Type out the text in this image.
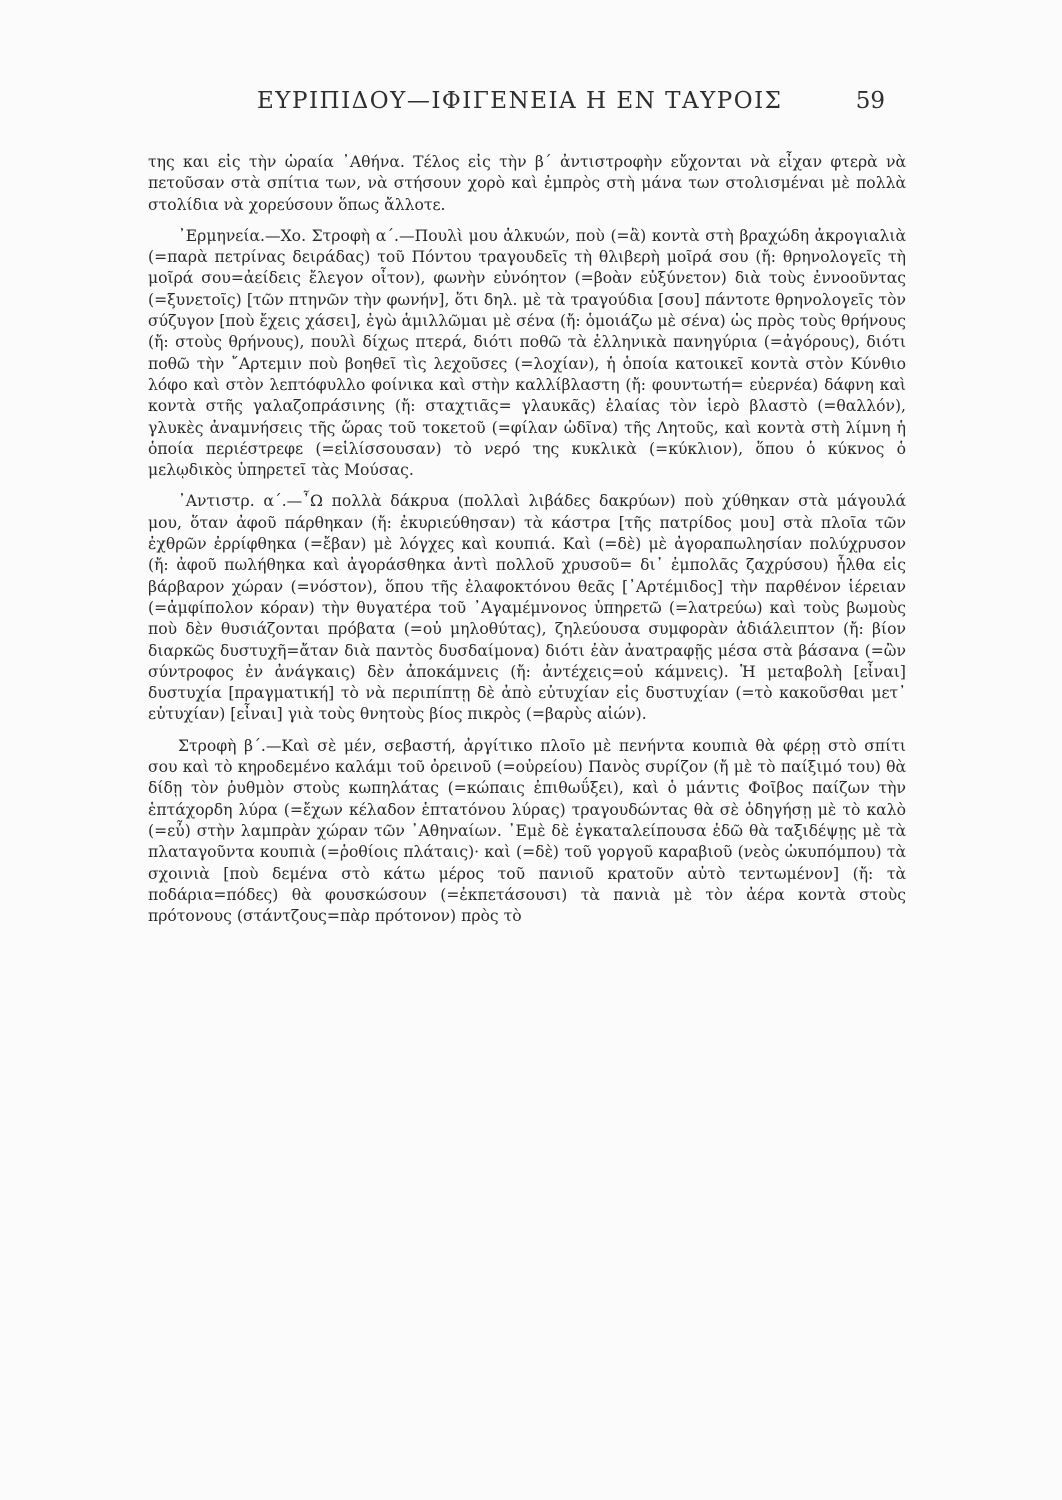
ΕΥΡΙΠΙΔΟΥ—ΙΦΙΓΕΝΕΙΑ Η ΕΝ ΤΑΥΡΟΙΣ	59

της και εἰς τὴν ὡραία ᾽Αθήνα. Τέλος εἰς τὴν β΄ ἀντιστροφὴν εὔχονται νὰ εἶχαν φτερὰ νὰ πετοῦσαν στὰ σπίτια των, νὰ στήσουν χορὸ καὶ ἐμπρὸς στὴ μάνα των στολισμέναι μὲ πολλὰ στολίδια νὰ χορεύσουν ὅπως ἄλλοτε.

᾽Ερμηνεία.—Χο. Στροφὴ α΄.—Πουλὶ μου ἀλκυών, ποὺ (=ἃ) κοντὰ στὴ βραχώδη ἀκρογιαλιὰ (=παρὰ πετρίνας δειράδας) τοῦ Πόντου τραγουδεῖς τὴ θλιβερὴ μοῖρά σου (ἤ: θρηνολογεῖς τὴ μοῖρά σου=ἀείδεις ἔλεγον οἶτον), φωνὴν εὐνόητον (=βοὰν εὐξύνετον) διὰ τοὺς ἐννοοῦντας (=ξυνετοῖς) [τῶν πτηνῶν τὴν φωνήν], ὅτι δηλ. μὲ τὰ τραγούδια [σου] πάντοτε θρηνολογεῖς τὸν σύζυγον [ποὺ ἔχεις χάσει], ἐγὼ ἁμιλλῶμαι μὲ σένα (ἤ: ὁμοιάζω μὲ σένα) ὡς πρὸς τοὺς θρήνους (ἤ: στοὺς θρήνους), πουλὶ δίχως πτερά, διότι ποθῶ τὰ ἑλληνικὰ πανηγύρια (=ἀγόρους), διότι ποθῶ τὴν ῎Αρτεμιν ποὺ βοηθεῖ τὶς λεχοῦσες (=λοχίαν), ἡ ὁποία κατοικεῖ κοντὰ στὸν Κύνθιο λόφο καὶ στὸν λεπτόφυλλο φοίνικα καὶ στὴν καλλίβλαστη (ἤ: φουντωτή= εὐερνέα) δάφνη καὶ κοντὰ στῆς γαλαζοπράσινης (ἤ: σταχτιᾶς= γλαυκᾶς) ἐλαίας τὸν ἱερὸ βλαστὸ (=θαλλόν), γλυκὲς ἀναμνήσεις τῆς ὥρας τοῦ τοκετοῦ (=φίλαν ὠδῖνα) τῆς Λητοῦς, καὶ κοντὰ στὴ λίμνη ἡ ὁποία περιέστρεφε (=εἱλίσσουσαν) τὸ νερό της κυκλικὰ (=κύκλιον), ὅπου ὁ κύκνος ὁ μελῳδικὸς ὑπηρετεῖ τὰς Μούσας.

᾽Αντιστρ. α΄.—῏Ω πολλὰ δάκρυα (πολλαὶ λιβάδες δακρύων) ποὺ χύθηκαν στὰ μάγουλά μου, ὅταν ἀφοῦ πάρθηκαν (ἤ: ἐκυριεύθησαν) τὰ κάστρα [τῆς πατρίδος μου] στὰ πλοῖα τῶν ἐχθρῶν ἐρρίφθηκα (=ἔβαν) μὲ λόγχες καὶ κουπιά. Καὶ (=δὲ) μὲ ἀγοραπωλησίαν πολύχρυσον (ἤ: ἀφοῦ πωλήθηκα καὶ ἀγοράσθηκα ἀντὶ πολλοῦ χρυσοῦ= δι᾽ ἐμπολᾶς ζαχρύσου) ἦλθα εἰς βάρβαρον χώραν (=νόστον), ὅπου τῆς ἐλαφοκτόνου θεᾶς [᾽Αρτέμιδος] τὴν παρθένον ἱέρειαν (=ἀμφίπολον κόραν) τὴν θυγατέρα τοῦ ᾽Αγαμέμνονος ὑπηρετῶ (=λατρεύω) καὶ τοὺς βωμοὺς ποὺ δὲν θυσιάζονται πρόβατα (=οὐ μηλοθύτας), ζηλεύουσα συμφορὰν ἀδιάλειπτον (ἤ: βίον διαρκῶς δυστυχῆ=ἄταν διὰ παντὸς δυσδαίμονα) διότι ἐὰν ἀνατραφῇς μέσα στὰ βάσανα (=ὢν σύντροφος ἐν ἀνάγκαις) δὲν ἀποκάμνεις (ἤ: ἀντέχεις=οὐ κάμνεις). Ἡ μεταβολὴ [εἶναι] δυστυχία [πραγματική] τὸ νὰ περιπίπτῃ δὲ ἀπὸ εὐτυχίαν εἰς δυστυχίαν (=τὸ κακοῦσθαι μετ᾽ εὐτυχίαν) [εἶναι] γιὰ τοὺς θνητοὺς βίος πικρὸς (=βαρὺς αἰών).

Στροφὴ β΄.—Καὶ σὲ μέν, σεβαστή, ἀργίτικο πλοῖο μὲ πενήντα κουπιὰ θὰ φέρῃ στὸ σπίτι σου καὶ τὸ κηροδεμένο καλάμι τοῦ ὀρεινοῦ (=οὐρείου) Πανὸς συρίζον (ἤ μὲ τὸ παίξιμό του) θὰ δίδῃ τὸν ῥυθμὸν στοὺς κωπηλάτας (=κώπαις ἐπιθωΰξει), καὶ ὁ μάντις Φοῖβος παίζων τὴν ἑπτάχορδη λύρα (=ἔχων κέλαδον ἑπτατόνου λύρας) τραγουδώντας θὰ σὲ ὁδηγήσῃ μὲ τὸ καλὸ (=εὖ) στὴν λαμπρὰν χώραν τῶν ᾽Αθηναίων. ᾽Εμὲ δὲ ἐγκαταλείπουσα ἐδῶ θὰ ταξιδέψῃς μὲ τὰ πλαταγοῦντα κουπιὰ (=ῥοθίοις πλάταις)· καὶ (=δὲ) τοῦ γοργοῦ καραβιοῦ (νεὸς ὠκυπόμπου) τὰ σχοινιὰ [ποὺ δεμένα στὸ κάτω μέρος τοῦ πανιοῦ κρατοῦν αὐτὸ τεντωμένον] (ἤ: τὰ ποδάρια=πόδες) θὰ φουσκώσουν (=ἐκπετάσουσι) τὰ πανιὰ μὲ τὸν ἀέρα κοντὰ στοὺς πρότονους (στάντζους=πὰρ πρότονον) πρὸς τὸ
